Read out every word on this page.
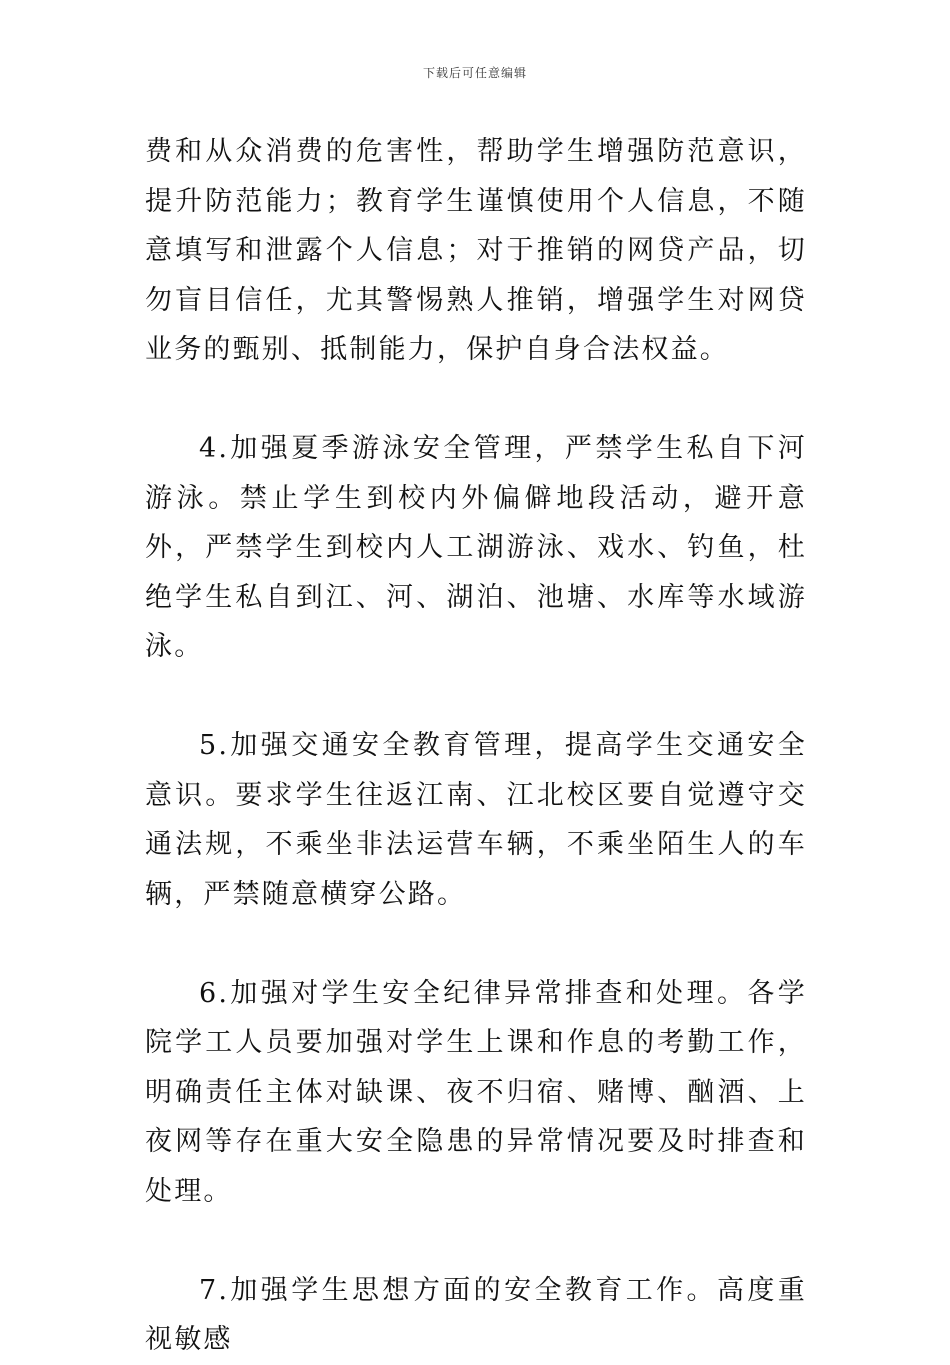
下载后可任意编辑

费和从众消费的危害性，帮助学生增强防范意识，提升防范能力；教育学生谨慎使用个人信息，不随意填写和泄露个人信息；对于推销的网贷产品，切勿盲目信任，尤其警惕熟人推销，增强学生对网贷业务的甄别、抵制能力，保护自身合法权益。

4.加强夏季游泳安全管理，严禁学生私自下河游泳。禁止学生到校内外偏僻地段活动，避开意外，严禁学生到校内人工湖游泳、戏水、钓鱼，杜绝学生私自到江、河、湖泊、池塘、水库等水域游泳。

5.加强交通安全教育管理，提高学生交通安全意识。要求学生往返江南、江北校区要自觉遵守交通法规，不乘坐非法运营车辆，不乘坐陌生人的车辆，严禁随意横穿公路。

6.加强对学生安全纪律异常排查和处理。各学院学工人员要加强对学生上课和作息的考勤工作，明确责任主体对缺课、夜不归宿、赌博、酗酒、上夜网等存在重大安全隐患的异常情况要及时排查和处理。

7.加强学生思想方面的安全教育工作。高度重视敏感
